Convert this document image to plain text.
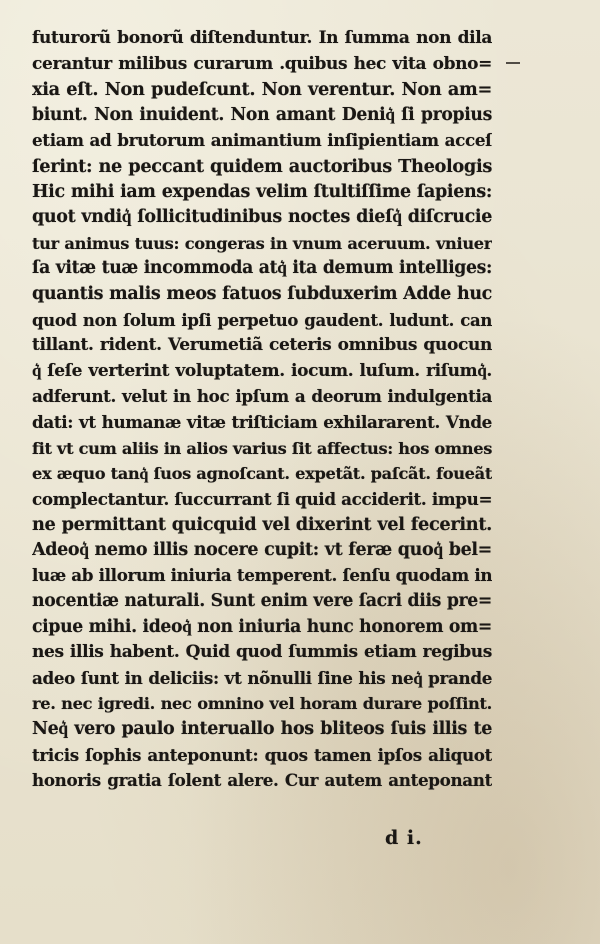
futurorũ bonorũ diſtenduntur. In ſumma non dila
cerantur milibus curarum .quibus hec vita obno=
xia eſt. Non pudeſcunt. Non verentur. Non am=
biunt. Non inuident. Non amant Deniq͛ ſi propius
etiam ad brutorum animantium inſipientiam acceſ
ſerint: ne peccant quidem auctoribus Theologis
Hic mihi iam expendas velim ſtultiſſime ſapiens:
quot vndiq͛ ſollicitudinibus noctes dieſq͛ diſcrucie
tur animus tuus: congeras in vnum aceruum. vniuer
ſa vitæ tuæ incommoda atq͛ ita demum intelliges:
quantis malis meos fatuos ſubduxerim Adde huc
quod non ſolum ipſi perpetuo gaudent. ludunt. can
tillant. rident. Verumetiã ceteris omnibus quocun
q͛ ſeſe verterint voluptatem. iocum. luſum. riſumq͛.
adferunt. velut in hoc ipſum a deorum indulgentia
dati: vt humanæ vitæ triſticiam exhilararent. Vnde
fit vt cum aliis in alios varius ſit affectus: hos omnes
ex æquo tanq͛ ſuos agnoſcant. expetãt. paſcãt. foueãt
complectantur. ſuccurrant ſi quid acciderit. impu=
ne permittant quicquid vel dixerint vel fecerint.
Adeoq͛ nemo illis nocere cupit: vt feræ quoq͛ bel=
luæ ab illorum iniuria temperent. ſenſu quodam in
nocentiæ naturali. Sunt enim vere ſacri diis pre=
cipue mihi. ideoq͛ non iniuria hunc honorem om=
nes illis habent. Quid quod ſummis etiam regibus
adeo ſunt in deliciis: vt nõnulli ſine his neq͛ prande
re. nec igredi. nec omnino vel horam durare poſſint.
Neq͛ vero paulo interuallo hos bliteos ſuis illis te
tricis ſophis anteponunt: quos tamen ipſos aliquot
honoris gratia ſolent alere. Cur autem anteponant
d i.
